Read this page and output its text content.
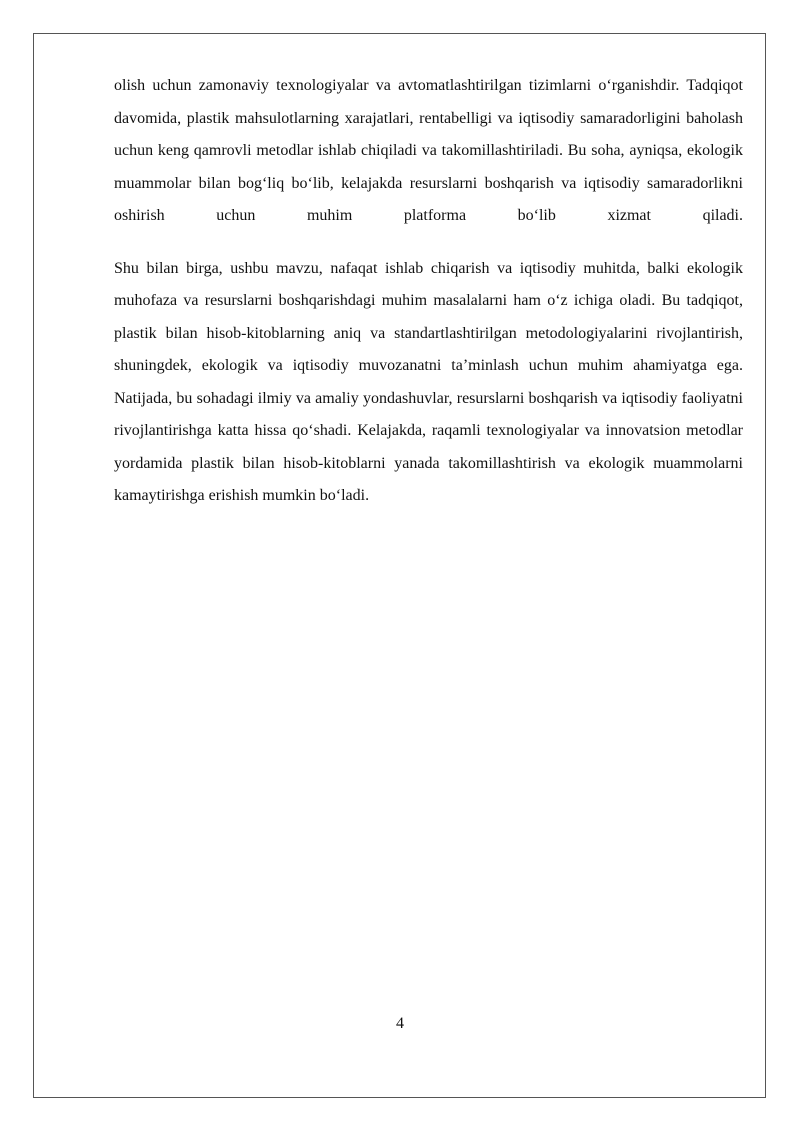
olish uchun zamonaviy texnologiyalar va avtomatlashtirilgan tizimlarni o‘rganishdir. Tadqiqot davomida, plastik mahsulotlarning xarajatlari, rentabelligi va iqtisodiy samaradorligini baholash uchun keng qamrovli metodlar ishlab chiqiladi va takomillashtiriladi. Bu soha, ayniqsa, ekologik muammolar bilan bog‘liq bo‘lib, kelajakda resurslarni boshqarish va iqtisodiy samaradorlikni oshirish uchun muhim platforma bo‘lib xizmat qiladi.

Shu bilan birga, ushbu mavzu, nafaqat ishlab chiqarish va iqtisodiy muhitda, balki ekologik muhofaza va resurslarni boshqarishdagi muhim masalalarni ham o‘z ichiga oladi. Bu tadqiqot, plastik bilan hisob-kitoblarning aniq va standartlashtirilgan metodologiyalarini rivojlantirish, shuningdek, ekologik va iqtisodiy muvozanatni ta’minlash uchun muhim ahamiyatga ega. Natijada, bu sohadagi ilmiy va amaliy yondashuvlar, resurslarni boshqarish va iqtisodiy faoliyatni rivojlantirishga katta hissa qo‘shadi. Kelajakda, raqamli texnologiyalar va innovatsion metodlar yordamida plastik bilan hisob-kitoblarni yanada takomillashtirish va ekologik muammolarni kamaytirishga erishish mumkin bo‘ladi.

4
